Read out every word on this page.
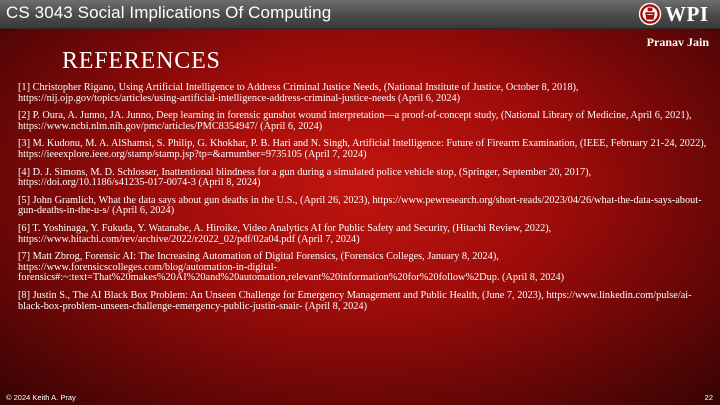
CS 3043 Social Implications Of Computing	WPI
Pranav Jain
REFERENCES

[1] Christopher Rigano, Using Artificial Intelligence to Address Criminal Justice Needs, (National Institute of Justice, October 8, 2018), https://nij.ojp.gov/topics/articles/using-artificial-intelligence-address-criminal-justice-needs (April 6, 2024)

[2] P. Oura, A. Junno, JA. Junno, Deep learning in forensic gunshot wound interpretation—a proof-of-concept study, (National Library of Medicine, April 6, 2021), https://www.ncbi.nlm.nih.gov/pmc/articles/PMC8354947/ (April 6, 2024)

[3] M. Kudonu, M. A. AlShamsi, S. Philip, G. Khokhar, P. B. Hari and N. Singh, Artificial Intelligence: Future of Firearm Examination, (IEEE, February 21-24, 2022), https://ieeexplore.ieee.org/stamp/stamp.jsp?tp=&arnumber=9735105 (April 7, 2024)

[4] D. J. Simons, M. D. Schlosser, Inattentional blindness for a gun during a simulated police vehicle stop, (Springer, September 20, 2017), https://doi.org/10.1186/s41235-017-0074-3 (April 8, 2024)

[5] John Gramlich, What the data says about gun deaths in the U.S., (April 26, 2023), https://www.pewresearch.org/short-reads/2023/04/26/what-the-data-says-about-gun-deaths-in-the-u-s/ (April 6, 2024)

[6] T. Yoshinaga, Y. Fukuda, Y. Watanabe, A. Hiroike, Video Analytics AI for Public Safety and Security, (Hitachi Review, 2022), https://www.hitachi.com/rev/archive/2022/r2022_02/pdf/02a04.pdf (April 7, 2024)

[7] Matt Zbrog, Forensic AI: The Increasing Automation of Digital Forensics, (Forensics Colleges, January 8, 2024), https://www.forensicscolleges.com/blog/automation-in-digital-forensics#:~:text=That%20makes%20AI%20and%20automation,relevant%20information%20for%20follow%2Dup. (April 8, 2024)

[8] Justin S., The AI Black Box Problem: An Unseen Challenge for Emergency Management and Public Health, (June 7, 2023), https://www.linkedin.com/pulse/ai-black-box-problem-unseen-challenge-emergency-public-justin-snair- (April 8, 2024)

© 2024 Keith A. Pray	22
